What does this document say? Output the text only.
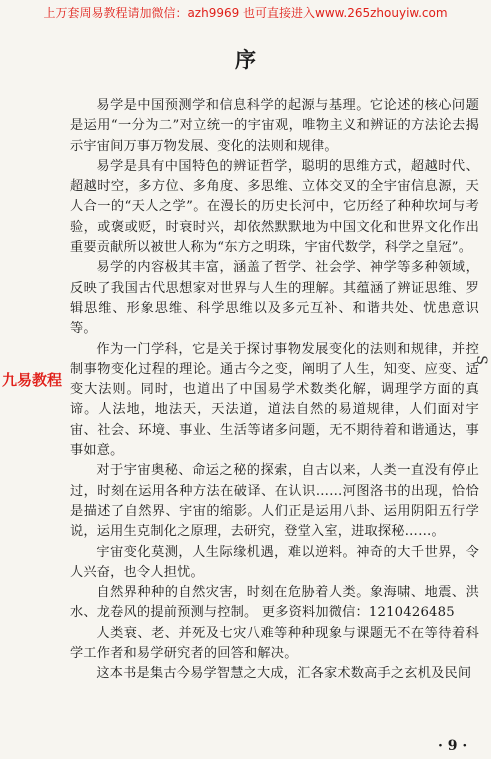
上万套周易教程请加微信：azh9969 也可直接进入www.265zhouyiw.com
序

易学是中国预测学和信息科学的起源与基理。它论述的核心问题是运用“一分为二”对立统一的宇宙观，唯物主义和辨证的方法论去揭示宇宙间万事万物发展、变化的法则和规律。

易学是具有中国特色的辨证哲学，聪明的思维方式，超越时代、超越时空，多方位、多角度、多思维、立体交叉的全宇宙信息源，天人合一的“天人之学”。在漫长的历史长河中，它历经了种种坎坷与考验，或褒或贬，时衰时兴，却依然默默地为中国文化和世界文化作出重要贡献所以被世人称为“东方之明珠，宇宙代数学，科学之皇冠”。

易学的内容极其丰富，涵盖了哲学、社会学、神学等多种领域，反映了我国古代思想家对世界与人生的理解。其蕴涵了辨证思维、罗辑思维、形象思维、科学思维以及多元互补、和谐共处、忧患意识等。

作为一门学科，它是关于探讨事物发展变化的法则和规律，并控制事物变化过程的理论。通古今之变，阐明了人生，知变、应变、适变大法则。同时，也道出了中国易学术数类化解，调理学方面的真谛。人法地，地法天，天法道，道法自然的易道规律，人们面对宇宙、社会、环境、事业、生活等诸多问题，无不期待着和谐通达，事事如意。

对于宇宙奥秘、命运之秘的探索，自古以来，人类一直没有停止过，时刻在运用各种方法在破译、在认识……河图洛书的出现，恰恰是描述了自然界、宇宙的缩影。人们正是运用八卦、运用阴阳五行学说，运用生克制化之原理，去研究，登堂入室，进取探秘……。

宇宙变化莫测，人生际缘机遇，难以逆料。神奇的大千世界，令人兴奋，也令人担忧。

自然界种种的自然灾害，时刻在危胁着人类。象海啸、地震、洪水、龙卷风的提前预测与控制。 更多资料加微信：1210426485

人类衰、老、并死及七灾八难等种种现象与课题无不在等待着科学工作者和易学研究者的回答和解决。

这本书是集古今易学智慧之大成，汇各家术数高手之玄机及民间

九易教程
S
· 9 ·
